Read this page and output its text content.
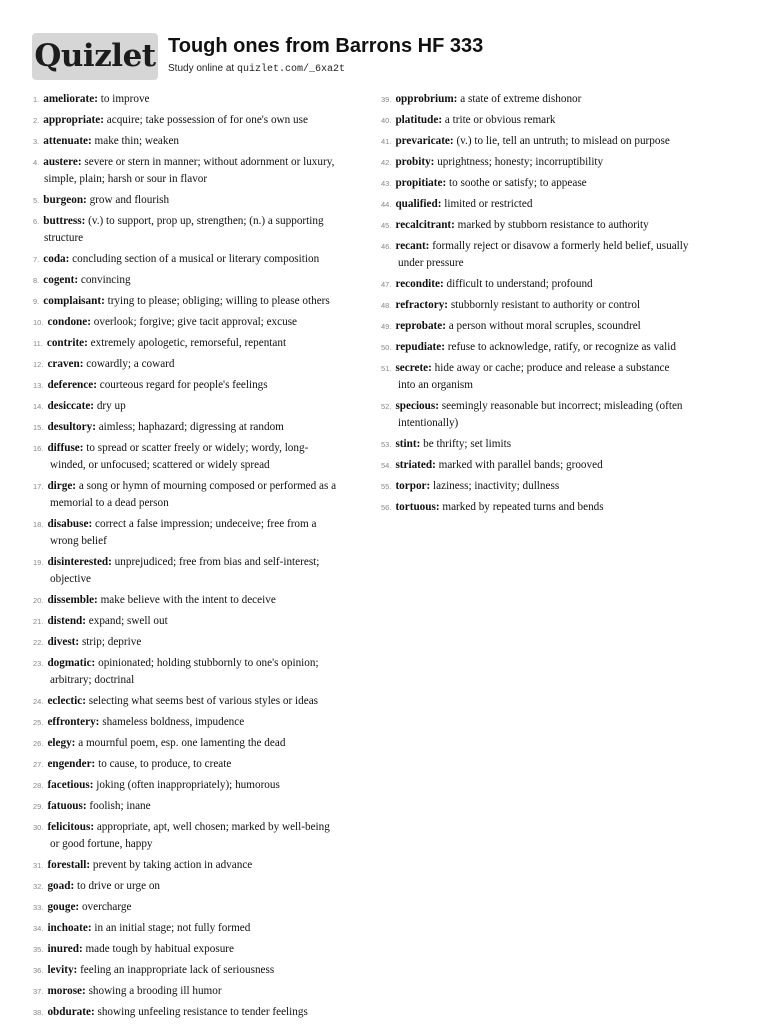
Quizlet Tough ones from Barrons HF 333
Study online at quizlet.com/_6xa2t
1. ameliorate: to improve
2. appropriate: acquire; take possession of for one's own use
3. attenuate: make thin; weaken
4. austere: severe or stern in manner; without adornment or luxury,
simple, plain; harsh or sour in flavor
5. burgeon: grow and flourish
6. buttress: (v.) to support, prop up, strengthen; (n.) a supporting
structure
7. coda: concluding section of a musical or literary composition
8. cogent: convincing
9. complaisant: trying to please; obliging; willing to please others
10. condone: overlook; forgive; give tacit approval; excuse
11. contrite: extremely apologetic, remorseful, repentant
12. craven: cowardly; a coward
13. deference: courteous regard for people's feelings
14. desiccate: dry up
15. desultory: aimless; haphazard; digressing at random
16. diffuse: to spread or scatter freely or widely; wordy, long-
winded, or unfocused; scattered or widely spread
17. dirge: a song or hymn of mourning composed or performed as a
memorial to a dead person
18. disabuse: correct a false impression; undeceive; free from a
wrong belief
19. disinterested: unprejudiced; free from bias and self-interest;
objective
20. dissemble: make believe with the intent to deceive
21. distend: expand; swell out
22. divest: strip; deprive
23. dogmatic: opinionated; holding stubbornly to one's opinion;
arbitrary; doctrinal
24. eclectic: selecting what seems best of various styles or ideas
25. effrontery: shameless boldness, impudence
26. elegy: a mournful poem, esp. one lamenting the dead
27. engender: to cause, to produce, to create
28. facetious: joking (often inappropriately); humorous
29. fatuous: foolish; inane
30. felicitous: appropriate, apt, well chosen; marked by well-being
or good fortune, happy
31. forestall: prevent by taking action in advance
32. goad: to drive or urge on
33. gouge: overcharge
34. inchoate: in an initial stage; not fully formed
35. inured: made tough by habitual exposure
36. levity: feeling an inappropriate lack of seriousness
37. morose: showing a brooding ill humor
38. obdurate: showing unfeeling resistance to tender feelings
39. opprobrium: a state of extreme dishonor
40. platitude: a trite or obvious remark
41. prevaricate: (v.) to lie, tell an untruth; to mislead on purpose
42. probity: uprightness; honesty; incorruptibility
43. propitiate: to soothe or satisfy; to appease
44. qualified: limited or restricted
45. recalcitrant: marked by stubborn resistance to authority
46. recant: formally reject or disavow a formerly held belief, usually
under pressure
47. recondite: difficult to understand; profound
48. refractory: stubbornly resistant to authority or control
49. reprobate: a person without moral scruples, scoundrel
50. repudiate: refuse to acknowledge, ratify, or recognize as valid
51. secrete: hide away or cache; produce and release a substance
into an organism
52. specious: seemingly reasonable but incorrect; misleading (often
intentionally)
53. stint: be thrifty; set limits
54. striated: marked with parallel bands; grooved
55. torpor: laziness; inactivity; dullness
56. tortuous: marked by repeated turns and bends
